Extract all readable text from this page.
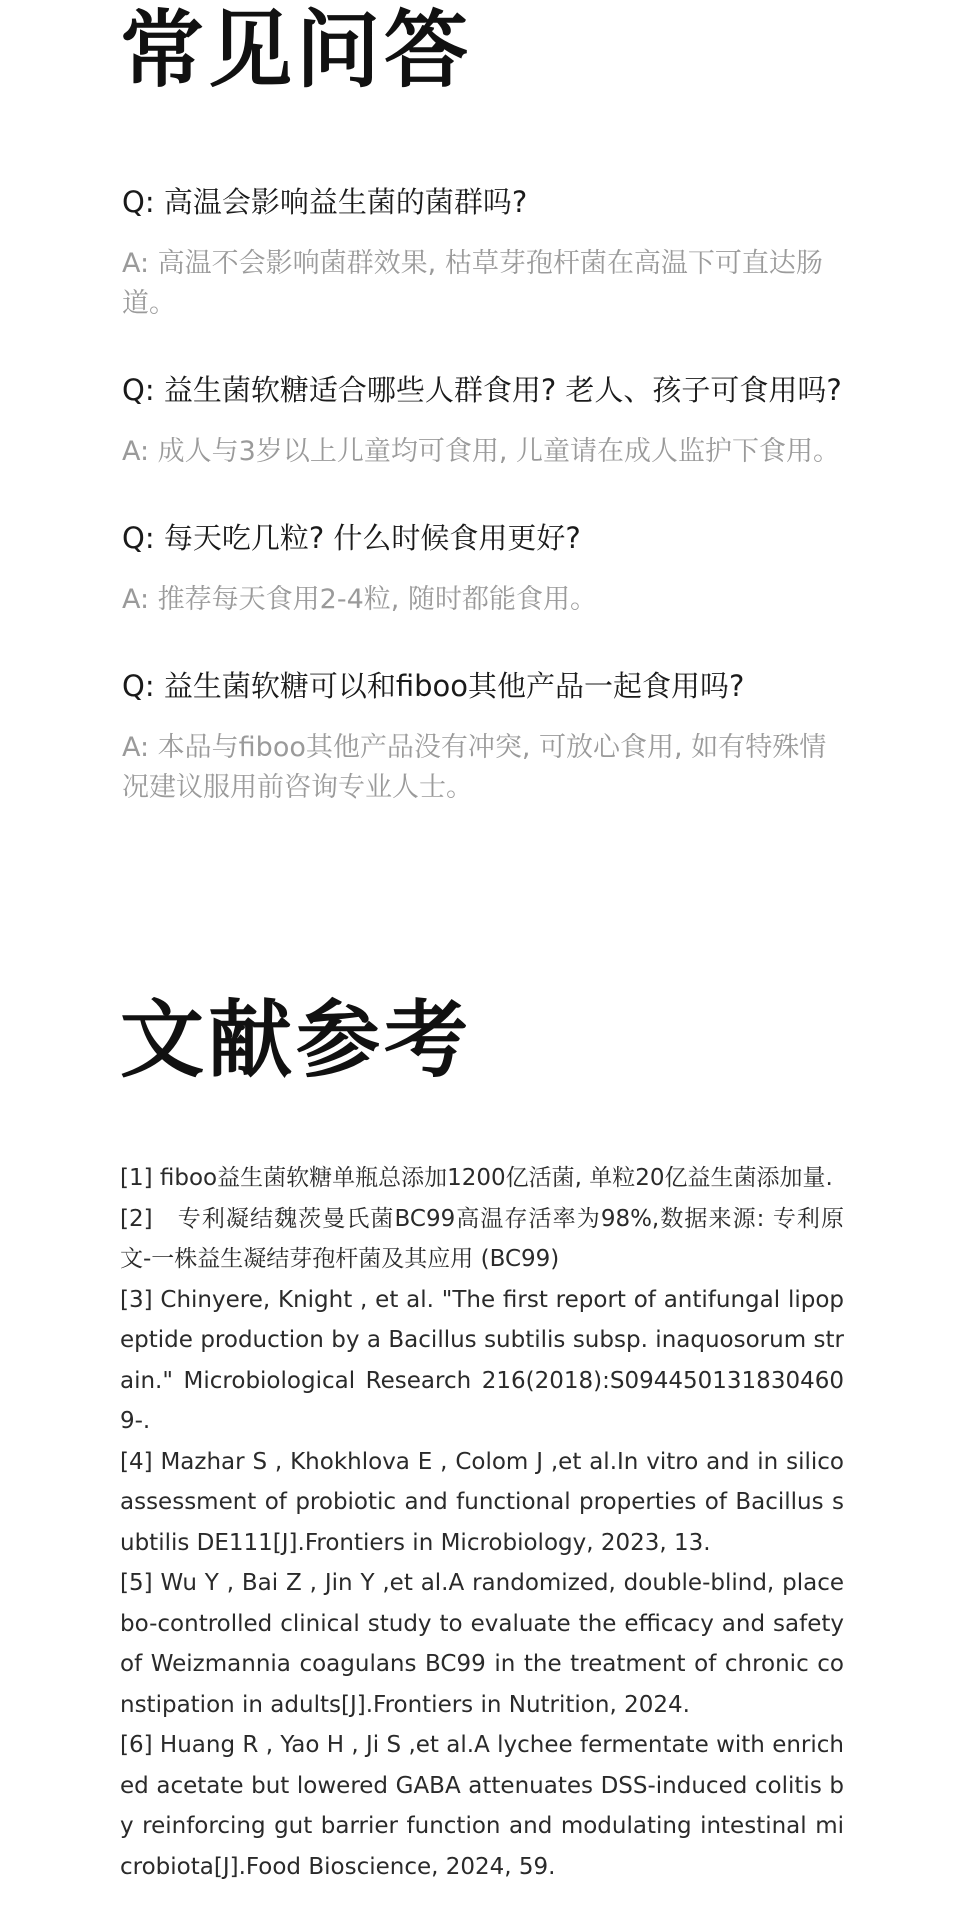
常见问答

Q: 高温会影响益生菌的菌群吗?

A: 高温不会影响菌群效果, 枯草芽孢杆菌在高温下可直达肠道。

Q: 益生菌软糖适合哪些人群食用? 老人、孩子可食用吗?

A: 成人与3岁以上儿童均可食用, 儿童请在成人监护下食用。

Q: 每天吃几粒? 什么时候食用更好?

A: 推荐每天食用2-4粒, 随时都能食用。

Q: 益生菌软糖可以和fiboo其他产品一起食用吗?

A: 本品与fiboo其他产品没有冲突, 可放心食用, 如有特殊情况建议服用前咨询专业人士。

文献参考

[1] fiboo益生菌软糖单瓶总添加1200亿活菌, 单粒20亿益生菌添加量.

[2]　专利凝结魏茨曼氏菌BC99高温存活率为98%,数据来源: 专利原文-一株益生凝结芽孢杆菌及其应用 (BC99)

[3] Chinyere, Knight , et al. "The first report of antifungal lipopeptide production by a Bacillus subtilis subsp. inaquosorum strain." Microbiological Research 216(2018):S0944501318304609-.

[4] Mazhar S , Khokhlova E , Colom J ,et al.In vitro and in silico assessment of probiotic and functional properties of Bacillus subtilis DE111[J].Frontiers in Microbiology, 2023, 13.

[5] Wu Y , Bai Z , Jin Y ,et al.A randomized, double-blind, placebo-controlled clinical study to evaluate the efficacy and safety of Weizmannia coagulans BC99 in the treatment of chronic constipation in adults[J].Frontiers in Nutrition, 2024.

[6] Huang R , Yao H , Ji S ,et al.A lychee fermentate with enriched acetate but lowered GABA attenuates DSS-induced colitis by reinforcing gut barrier function and modulating intestinal microbiota[J].Food Bioscience, 2024, 59.
